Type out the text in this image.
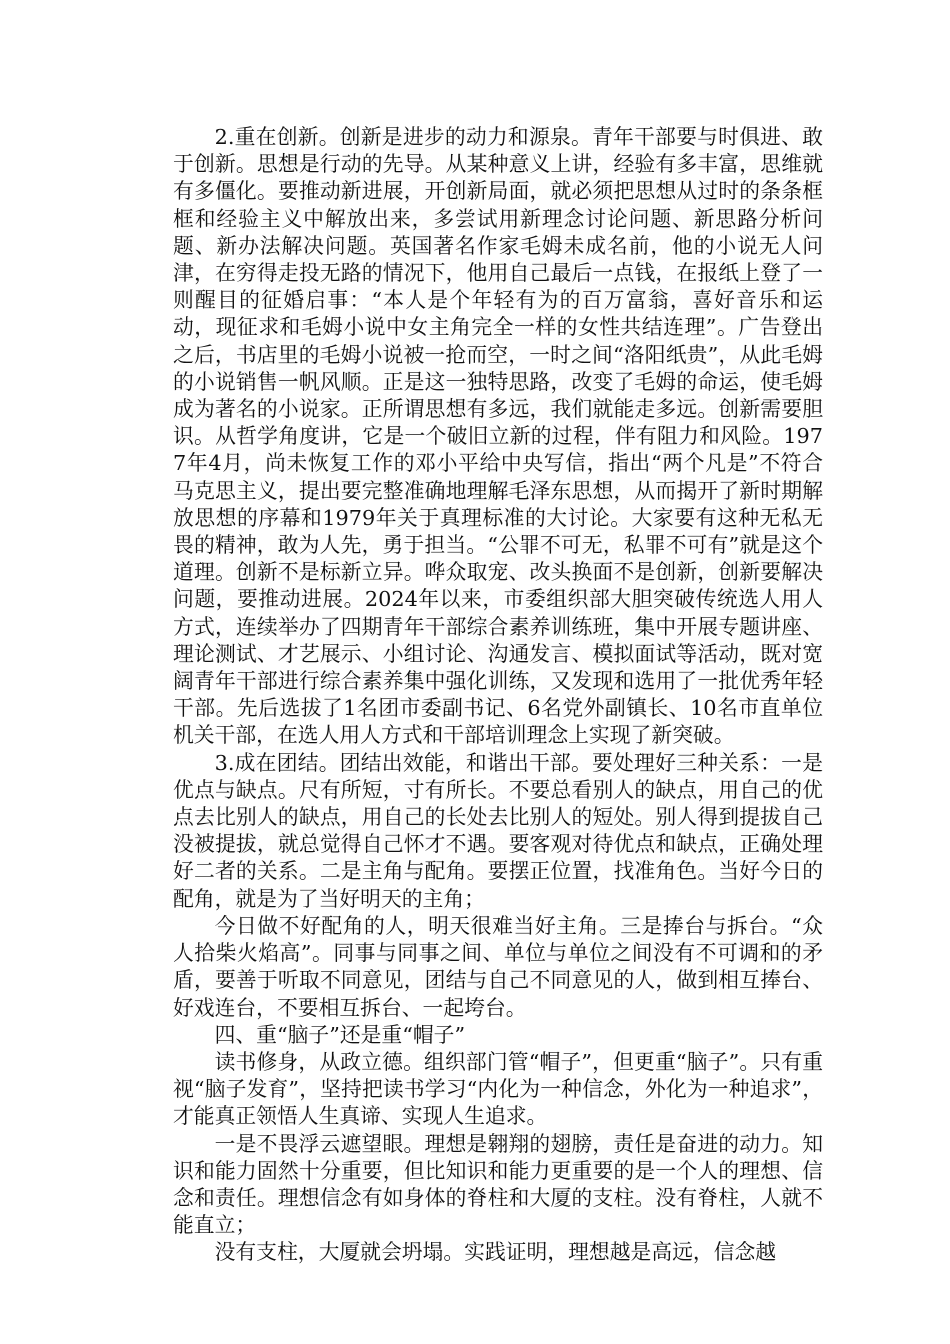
2.重在创新。创新是进步的动力和源泉。青年干部要与时俱进、敢于创新。思想是行动的先导。从某种意义上讲，经验有多丰富，思维就有多僵化。要推动新进展，开创新局面，就必须把思想从过时的条条框框和经验主义中解放出来，多尝试用新理念讨论问题、新思路分析问题、新办法解决问题。英国著名作家毛姆未成名前，他的小说无人问津，在穷得走投无路的情况下，他用自己最后一点钱，在报纸上登了一则醒目的征婚启事：“本人是个年轻有为的百万富翁，喜好音乐和运动，现征求和毛姆小说中女主角完全一样的女性共结连理”。广告登出之后，书店里的毛姆小说被一抢而空，一时之间“洛阳纸贵”，从此毛姆的小说销售一帆风顺。正是这一独特思路，改变了毛姆的命运，使毛姆成为著名的小说家。正所谓思想有多远，我们就能走多远。创新需要胆识。从哲学角度讲，它是一个破旧立新的过程，伴有阻力和风险。1977年4月，尚未恢复工作的邓小平给中央写信，指出“两个凡是”不符合马克思主义，提出要完整准确地理解毛泽东思想，从而揭开了新时期解放思想的序幕和1979年关于真理标准的大讨论。大家要有这种无私无畏的精神，敢为人先，勇于担当。“公罪不可无，私罪不可有”就是这个道理。创新不是标新立异。哗众取宠、改头换面不是创新，创新要解决问题，要推动进展。2024年以来，市委组织部大胆突破传统选人用人方式，连续举办了四期青年干部综合素养训练班，集中开展专题讲座、理论测试、才艺展示、小组讨论、沟通发言、模拟面试等活动，既对宽阔青年干部进行综合素养集中强化训练，又发现和选用了一批优秀年轻干部。先后选拔了1名团市委副书记、6名党外副镇长、10名市直单位机关干部，在选人用人方式和干部培训理念上实现了新突破。

3.成在团结。团结出效能，和谐出干部。要处理好三种关系：一是优点与缺点。尺有所短，寸有所长。不要总看别人的缺点，用自己的优点去比别人的缺点，用自己的长处去比别人的短处。别人得到提拔自己没被提拔，就总觉得自己怀才不遇。要客观对待优点和缺点，正确处理好二者的关系。二是主角与配角。要摆正位置，找准角色。当好今日的配角，就是为了当好明天的主角；

今日做不好配角的人，明天很难当好主角。三是捧台与拆台。“众人拾柴火焰高”。同事与同事之间、单位与单位之间没有不可调和的矛盾，要善于听取不同意见，团结与自己不同意见的人，做到相互捧台、好戏连台，不要相互拆台、一起垮台。

四、重“脑子”还是重“帽子”

读书修身，从政立德。组织部门管“帽子”，但更重“脑子”。只有重视“脑子发育”，坚持把读书学习“内化为一种信念，外化为一种追求”，才能真正领悟人生真谛、实现人生追求。

一是不畏浮云遮望眼。理想是翱翔的翅膀，责任是奋进的动力。知识和能力固然十分重要，但比知识和能力更重要的是一个人的理想、信念和责任。理想信念有如身体的脊柱和大厦的支柱。没有脊柱，人就不能直立；

没有支柱，大厦就会坍塌。实践证明，理想越是高远，信念越
